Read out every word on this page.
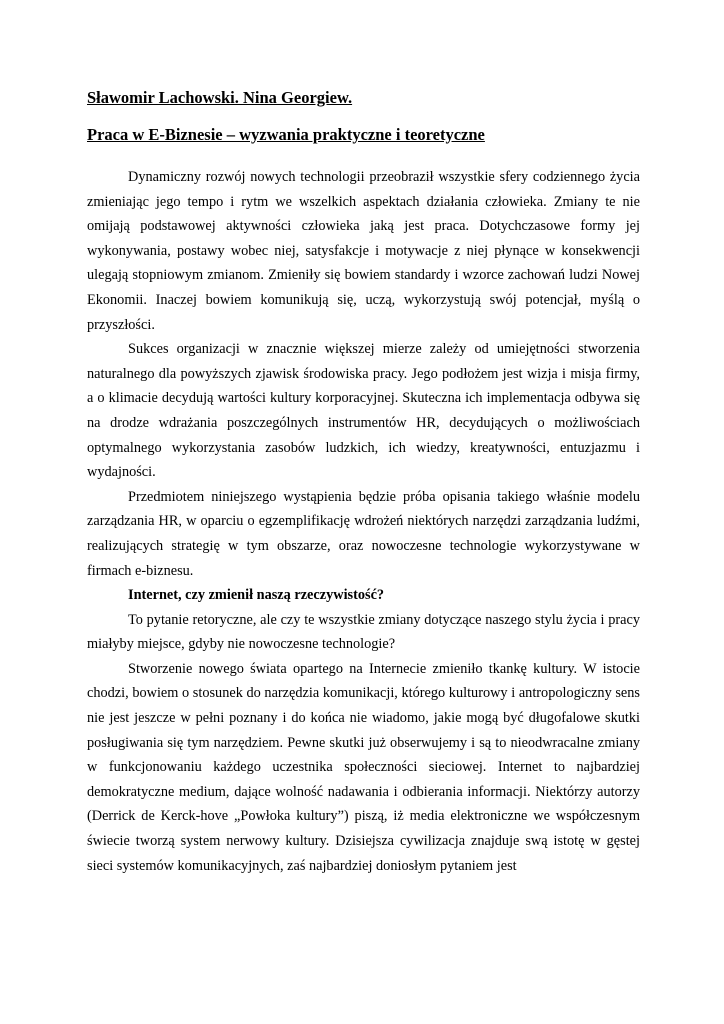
Sławomir Lachowski. Nina Georgiew.
Praca w E-Biznesie – wyzwania praktyczne i teoretyczne

Dynamiczny rozwój nowych technologii przeobraził wszystkie sfery codziennego życia zmieniając jego tempo i rytm we wszelkich aspektach działania człowieka. Zmiany te nie omijają podstawowej aktywności człowieka jaką jest praca. Dotychczasowe formy jej wykonywania, postawy wobec niej, satysfakcje i motywacje z niej płynące w konsekwencji ulegają stopniowym zmianom. Zmieniły się bowiem standardy i wzorce zachowań ludzi Nowej Ekonomii. Inaczej bowiem komunikują się, uczą, wykorzystują swój potencjał, myślą o przyszłości.

Sukces organizacji w znacznie większej mierze zależy od umiejętności stworzenia naturalnego dla powyższych zjawisk środowiska pracy. Jego podłożem jest wizja i misja firmy, a o klimacie decydują wartości kultury korporacyjnej. Skuteczna ich implementacja odbywa się na drodze wdrażania poszczególnych instrumentów HR, decydujących o możliwościach optymalnego wykorzystania zasobów ludzkich, ich wiedzy, kreatywności, entuzjazmu i wydajności.

Przedmiotem niniejszego wystąpienia będzie próba opisania takiego właśnie modelu zarządzania HR, w oparciu o egzemplifikację wdrożeń niektórych narzędzi zarządzania ludźmi, realizujących strategię w tym obszarze, oraz nowoczesne technologie wykorzystywane w firmach e-biznesu.

Internet, czy zmienił naszą rzeczywistość?

To pytanie retoryczne, ale czy te wszystkie zmiany dotyczące naszego stylu życia i pracy miałyby miejsce, gdyby nie nowoczesne technologie?

Stworzenie nowego świata opartego na Internecie zmieniło tkankę kultury. W istocie chodzi, bowiem o stosunek do narzędzia komunikacji, którego kulturowy i antropologiczny sens nie jest jeszcze w pełni poznany i do końca nie wiadomo, jakie mogą być długofalowe skutki posługiwania się tym narzędziem. Pewne skutki już obserwujemy i są to nieodwracalne zmiany w funkcjonowaniu każdego uczestnika społeczności sieciowej. Internet to najbardziej demokratyczne medium, dające wolność nadawania i odbierania informacji. Niektórzy autorzy (Derrick de Kerck-hove „Powłoka kultury”) piszą, iż media elektroniczne we współczesnym świecie tworzą system nerwowy kultury. Dzisiejsza cywilizacja znajduje swą istotę w gęstej sieci systemów komunikacyjnych, zaś najbardziej doniosłym pytaniem jest
